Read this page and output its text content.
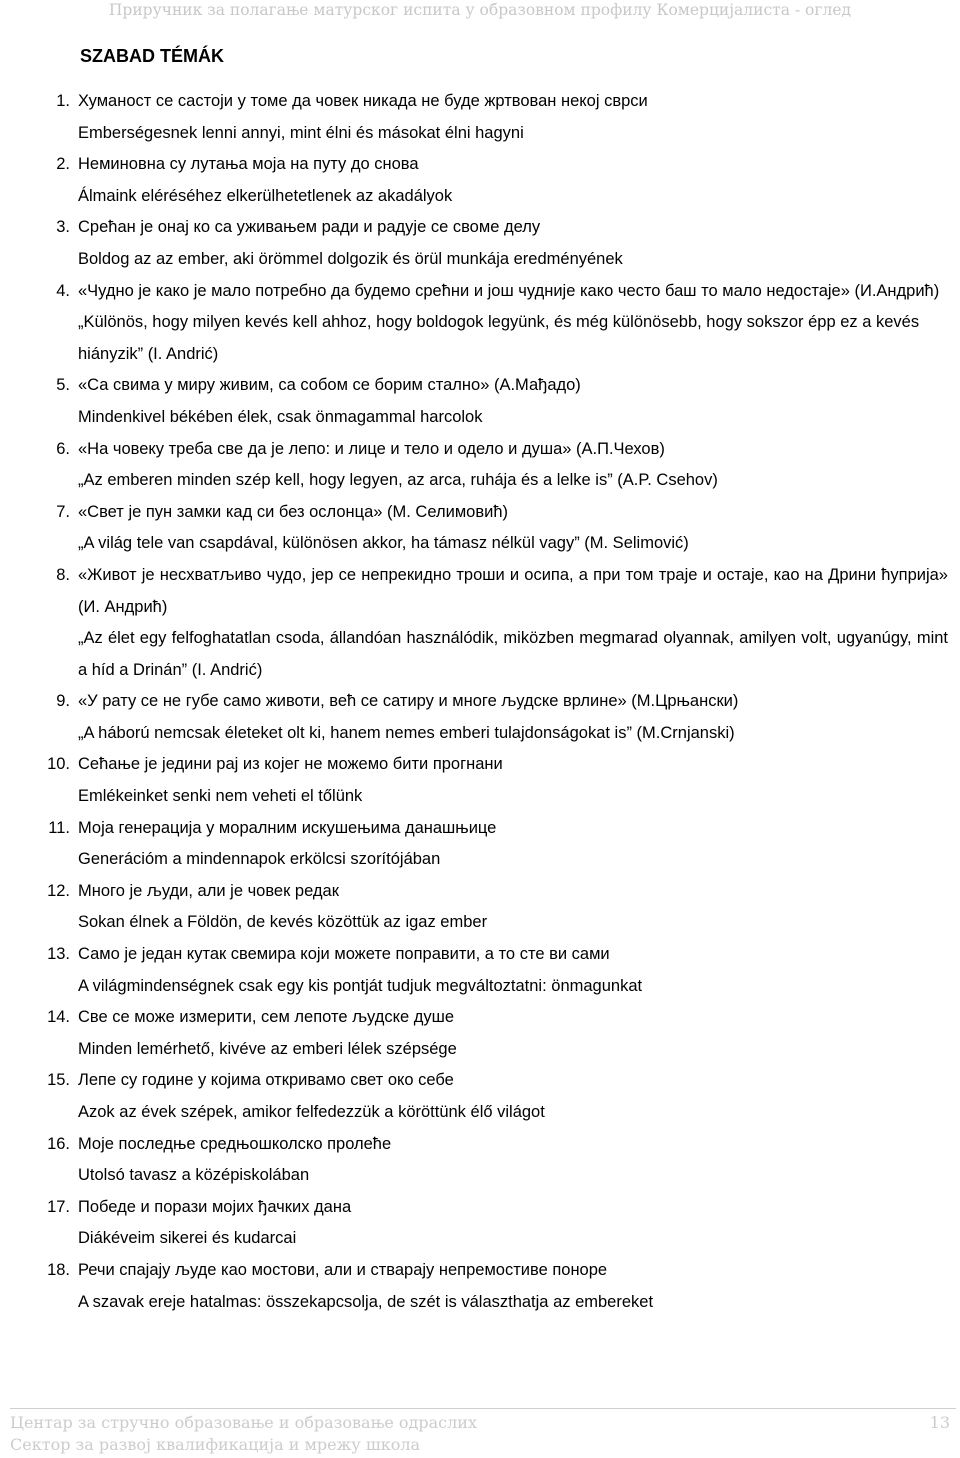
Приручник за полагање матурског испита у образовном профилу Комерцијалиста - оглед
SZABAD TÉMÁK
1. Хуманост се састоји у томе да човек никада не буде жртвован некој сврси

Emberségesnek lenni annyi, mint élni és másokat élni hagyni

2. Неминовна су лутања моја на путу до снова

Álmaink eléréséhez elkerülhetetlenek az akadályok

3. Срећан је онај ко са уживањем ради и радује се своме делу

Boldog az az ember, aki örömmel dolgozik és örül munkája eredményének

4. «Чудно је како је мало потребно да будемо срећни и још чудније како често баш то мало недостаје» (И.Андрић)

„Különös, hogy milyen kevés kell ahhoz, hogy boldogok legyünk, és még különösebb, hogy sokszor épp ez a kevés hiányzik” (I. Andrić)

5. «Са свима у миру живим, са собом се борим стално» (А.Мађадо)

Mindenkivel békében élek, csak önmagammal harcolok

6. «На човеку треба све да је лепо: и лице и тело и одело и душа» (А.П.Чехов)

„Az emberen minden szép kell, hogy legyen, az arca, ruhája és a lelke is” (A.P. Csehov)

7. «Свет је пун замки кад си без ослонца» (М. Селимовић)

„A világ tele van csapdával, különösen akkor, ha támasz nélkül vagy” (M. Selimović)

8. «Живот је несхватљиво чудо, јер се непрекидно троши и осипа, а при том траје и остаје, као на Дрини ћуприја» (И. Андрић)

„Az élet egy felfoghatatlan csoda, állandóan használódik, miközben megmarad olyannak, amilyen volt, ugyanúgy, mint a híd a Drinán” (I. Andrić)

9. «У рату се не губе само животи, већ се сатиру и многе људске врлине» (М.Црњански)

„A háború nemcsak életeket olt ki, hanem nemes emberi tulajdonságokat is” (M.Crnjanski)

10. Сећање је једини рај из којег не можемо бити прогнани

Emlékeinket senki nem veheti el tőlünk

11. Моја генерација у моралним искушењима данашњице

Generációm a mindennapok erkölcsi szorítójában

12. Много је људи, али је човек редак

Sokan élnek a Földön, de kevés közöttük az igaz ember

13. Само је један кутак свемира који можете поправити, а то сте ви сами

A világmindenségnek csak egy kis pontját tudjuk megváltoztatni: önmagunkat

14. Све се може измерити, сем лепоте људске душе

Minden lemérhető, kivéve az emberi lélek szépsége

15. Лепе су године у којима откривамо свет око себе

Azok az évek szépek, amikor felfedezzük a köröttünk élő világot

16. Моје последње средњошколско пролеће

Utolsó tavasz a középiskolában

17. Победе и порази мојих ђачких дана

Diákéveim sikerei és kudarcai

18. Речи спајају људе као мостови, али и стварају непремостиве поноре

A szavak ereje hatalmas: összekapcsolja, de szét is választhatja az embereket

Центар за стручно образовање и образовање одраслих	13
Сектор за развој квалификација и мрежу школа
